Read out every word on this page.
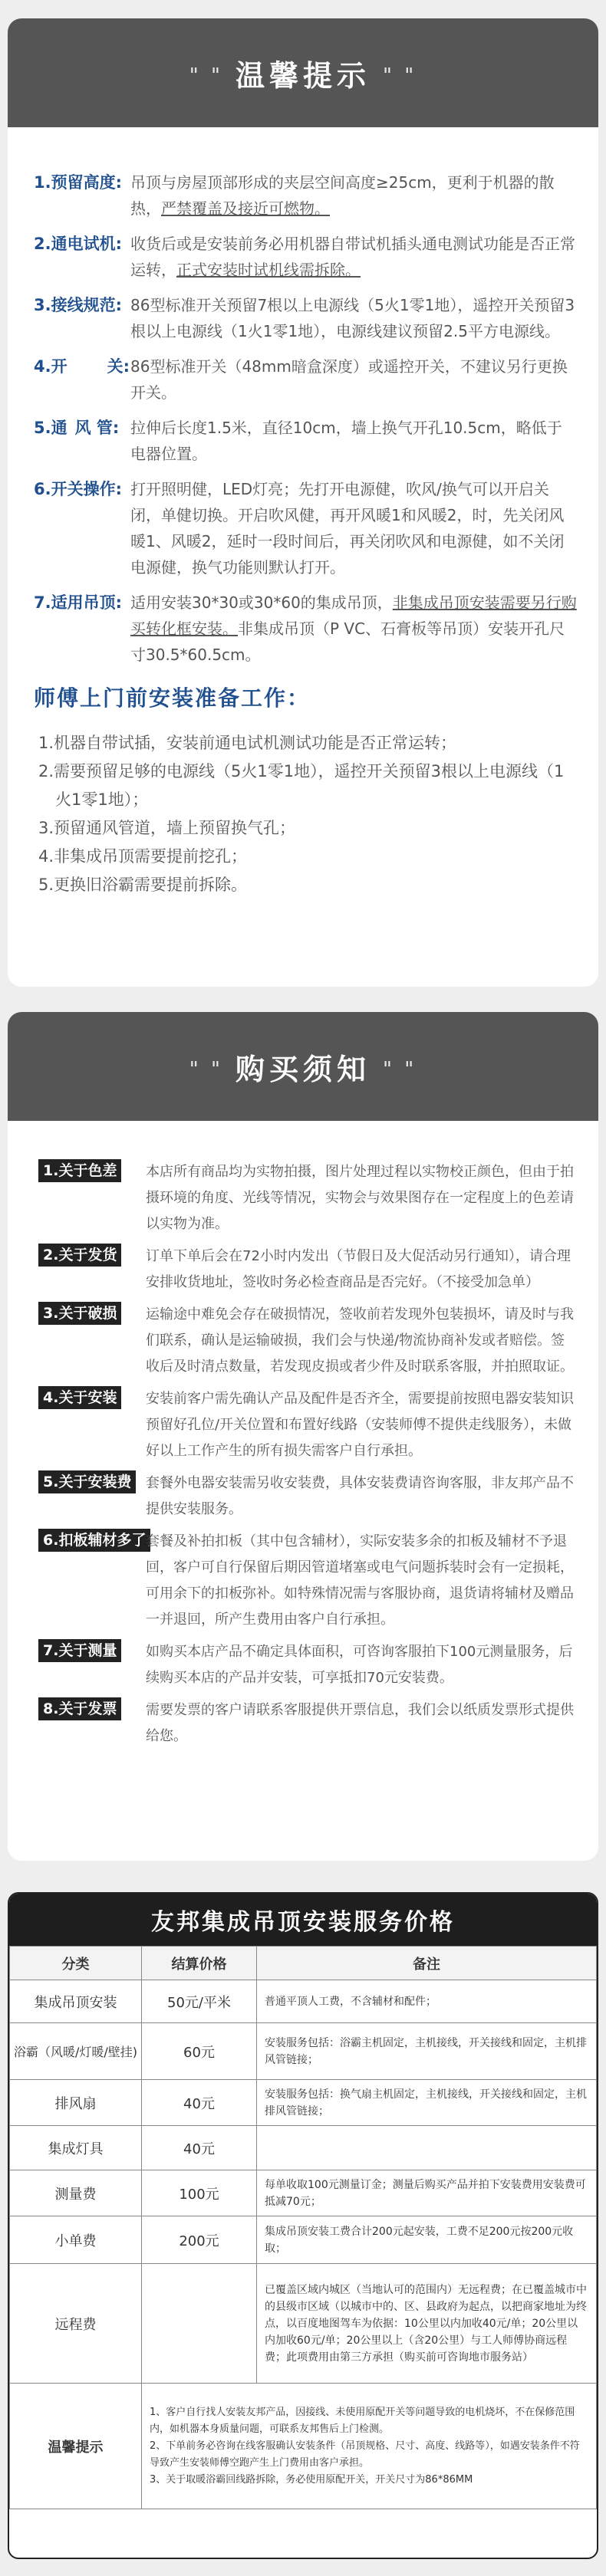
" " 温馨提示 " "
1.预留高度: 吊顶与房屋顶部形成的夹层空间高度≥25cm，更利于机器的散热，严禁覆盖及接近可燃物。
2.通电试机: 收货后或是安装前务必用机器自带试机插头通电测试功能是否正常运转，正式安装时试机线需拆除。
3.接线规范: 86型标准开关预留7根以上电源线（5火1零1地），遥控开关预留3根以上电源线（1火1零1地），电源线建议预留2.5平方电源线。
4.开 关: 86型标准开关（48mm暗盒深度）或遥控开关，不建议另行更换开关。
5.通 风 管: 拉伸后长度1.5米，直径10cm，墙上换气开孔10.5cm，略低于电器位置。
6.开关操作: 打开照明健，LED灯亮；先打开电源健，吹风/换气可以开启关闭，单健切换。开启吹风健，再开风暖1和风暖2，时，先关闭风暖1、风暖2，延时一段时间后，再关闭吹风和电源健，如不关闭电源健，换气功能则默认打开。
7.适用吊顶: 适用安装30*30或30*60的集成吊顶，非集成吊顶安装需要另行购买转化框安装。非集成吊顶（P VC、石膏板等吊顶）安装开孔尺寸30.5*60.5cm。
师傅上门前安装准备工作：
1.机器自带试插，安装前通电试机测试功能是否正常运转；
2.需要预留足够的电源线（5火1零1地），遥控开关预留3根以上电源线（1火1零1地）；
3.预留通风管道，墙上预留换气孔；
4.非集成吊顶需要提前挖孔；
5.更换旧浴霸需要提前拆除。
" " 购买须知 " "
1.关于色差	本店所有商品均为实物拍摄，图片处理过程以实物校正颜色，但由于拍摄环境的角度、光线等情况，实物会与效果图存在一定程度上的色差请以实物为准。
2.关于发货	订单下单后会在72小时内发出（节假日及大促活动另行通知），请合理安排收货地址，签收时务必检查商品是否完好。（不接受加急单）
3.关于破损	运输途中难免会存在破损情况，签收前若发现外包装损坏，请及时与我们联系，确认是运输破损，我们会与快递/物流协商补发或者赔偿。签收后及时清点数量，若发现皮损或者少件及时联系客服，并拍照取证。
4.关于安装	安装前客户需先确认产品及配件是否齐全，需要提前按照电器安装知识预留好孔位/开关位置和布置好线路（安装师傅不提供走线服务），未做好以上工作产生的所有损失需客户自行承担。
5.关于安装费	套餐外电器安装需另收安装费，具体安装费请咨询客服，非友邦产品不提供安装服务。
6.扣板辅材多了 套餐及补拍扣板（其中包含辅材），实际安装多余的扣板及辅材不予退回，客户可自行保留后期因管道堵塞或电气问题拆装时会有一定损耗，可用余下的扣板弥补。如特殊情况需与客服协商，退货请将辅材及赠品一并退回，所产生费用由客户自行承担。
7.关于测量	如购买本店产品不确定具体面积，可咨询客服拍下100元测量服务，后续购买本店的产品并安装，可享抵扣70元安装费。
8.关于发票	需要发票的客户请联系客服提供开票信息，我们会以纸质发票形式提供给您。
友邦集成吊顶安装服务价格
分类	结算价格	备注
集成吊顶安装	50元/平米	普通平顶人工费，不含辅材和配件；
浴霸（风暖/灯暖/壁挂)	60元	安装服务包括：浴霸主机固定，主机接线，开关接线和固定，主机排风管链接；
排风扇	40元	安装服务包括：换气扇主机固定，主机接线，开关接线和固定，主机排风管链接；
集成灯具	40元	
测量费	100元	每单收取100元测量订金；测量后购买产品并拍下安装费用安装费可抵减70元；
小单费	200元	集成吊顶安装工费合计200元起安装，工费不足200元按200元收取；
远程费		已覆盖区域内城区（当地认可的范围内）无远程费；在已覆盖城市中的县级市区域（以城市中的、区、县政府为起点，以把商家地址为终点，以百度地图驾车为依据：10公里以内加收40元/单；20公里以内加收60元/单；20公里以上（含20公里）与工人师傅协商远程费；此项费用由第三方承担（购买前可咨询地市服务站）
温馨提示	1、客户自行找人安装友邦产品，因接线、未使用原配开关等问题导致的电机烧坏，不在保修范围内，如机器本身质量问题，可联系友邦售后上门检测。
2、下单前务必咨询在线客服确认安装条件（吊顶规格、尺寸、高度、线路等），如遇安装条件不符导致产生安装师傅空跑产生上门费用由客户承担。
3、关于取暖浴霸回线路拆除，务必使用原配开关，开关尺寸为86*86MM	
